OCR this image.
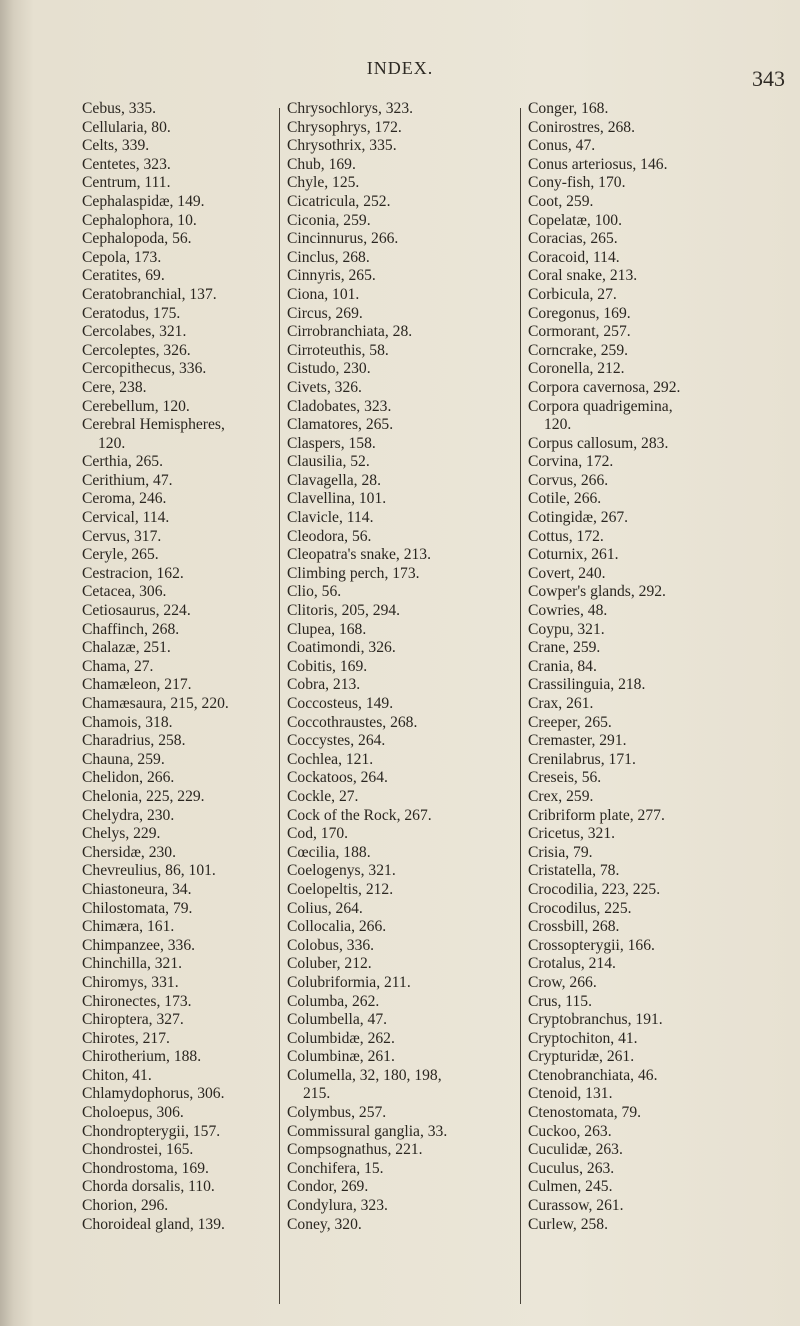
INDEX.	343
Cebus, 335.
Cellularia, 80.
Celts, 339.
Centetes, 323.
Centrum, 111.
Cephalaspidæ, 149.
Cephalophora, 10.
Cephalopoda, 56.
Cepola, 173.
Ceratites, 69.
Ceratobranchial, 137.
Ceratodus, 175.
Cercolabes, 321.
Cercoleptes, 326.
Cercopithecus, 336.
Cere, 238.
Cerebellum, 120.
Cerebral Hemispheres,
120.
Certhia, 265.
Cerithium, 47.
Ceroma, 246.
Cervical, 114.
Cervus, 317.
Ceryle, 265.
Cestracion, 162.
Cetacea, 306.
Cetiosaurus, 224.
Chaffinch, 268.
Chalazæ, 251.
Chama, 27.
Chamæleon, 217.
Chamæsaura, 215, 220.
Chamois, 318.
Charadrius, 258.
Chauna, 259.
Chelidon, 266.
Chelonia, 225, 229.
Chelydra, 230.
Chelys, 229.
Chersidæ, 230.
Chevreulius, 86, 101.
Chiastoneura, 34.
Chilostomata, 79.
Chimæra, 161.
Chimpanzee, 336.
Chinchilla, 321.
Chiromys, 331.
Chironectes, 173.
Chiroptera, 327.
Chirotes, 217.
Chirotherium, 188.
Chiton, 41.
Chlamydophorus, 306.
Choloepus, 306.
Chondropterygii, 157.
Chondrostei, 165.
Chondrostoma, 169.
Chorda dorsalis, 110.
Chorion, 296.
Choroideal gland, 139.
Chrysochlorys, 323.
Chrysophrys, 172.
Chrysothrix, 335.
Chub, 169.
Chyle, 125.
Cicatricula, 252.
Ciconia, 259.
Cincinnurus, 266.
Cinclus, 268.
Cinnyris, 265.
Ciona, 101.
Circus, 269.
Cirrobranchiata, 28.
Cirroteuthis, 58.
Cistudo, 230.
Civets, 326.
Cladobates, 323.
Clamatores, 265.
Claspers, 158.
Clausilia, 52.
Clavagella, 28.
Clavellina, 101.
Clavicle, 114.
Cleodora, 56.
Cleopatra's snake, 213.
Climbing perch, 173.
Clio, 56.
Clitoris, 205, 294.
Clupea, 168.
Coatimondi, 326.
Cobitis, 169.
Cobra, 213.
Coccosteus, 149.
Coccothraustes, 268.
Coccystes, 264.
Cochlea, 121.
Cockatoos, 264.
Cockle, 27.
Cock of the Rock, 267.
Cod, 170.
Cœcilia, 188.
Coelogenys, 321.
Coelopeltis, 212.
Colius, 264.
Collocalia, 266.
Colobus, 336.
Coluber, 212.
Colubriformia, 211.
Columba, 262.
Columbella, 47.
Columbidæ, 262.
Columbinæ, 261.
Columella, 32, 180, 198,
215.
Colymbus, 257.
Commissural ganglia, 33.
Compsognathus, 221.
Conchifera, 15.
Condor, 269.
Condylura, 323.
Coney, 320.
Conger, 168.
Conirostres, 268.
Conus, 47.
Conus arteriosus, 146.
Cony-fish, 170.
Coot, 259.
Copelatæ, 100.
Coracias, 265.
Coracoid, 114.
Coral snake, 213.
Corbicula, 27.
Coregonus, 169.
Cormorant, 257.
Corncrake, 259.
Coronella, 212.
Corpora cavernosa, 292.
Corpora quadrigemina,
120.
Corpus callosum, 283.
Corvina, 172.
Corvus, 266.
Cotile, 266.
Cotingidæ, 267.
Cottus, 172.
Coturnix, 261.
Covert, 240.
Cowper's glands, 292.
Cowries, 48.
Coypu, 321.
Crane, 259.
Crania, 84.
Crassilinguia, 218.
Crax, 261.
Creeper, 265.
Cremaster, 291.
Crenilabrus, 171.
Creseis, 56.
Crex, 259.
Cribriform plate, 277.
Cricetus, 321.
Crisia, 79.
Cristatella, 78.
Crocodilia, 223, 225.
Crocodilus, 225.
Crossbill, 268.
Crossopterygii, 166.
Crotalus, 214.
Crow, 266.
Crus, 115.
Cryptobranchus, 191.
Cryptochiton, 41.
Crypturidæ, 261.
Ctenobranchiata, 46.
Ctenoid, 131.
Ctenostomata, 79.
Cuckoo, 263.
Cuculidæ, 263.
Cuculus, 263.
Culmen, 245.
Curassow, 261.
Curlew, 258.
